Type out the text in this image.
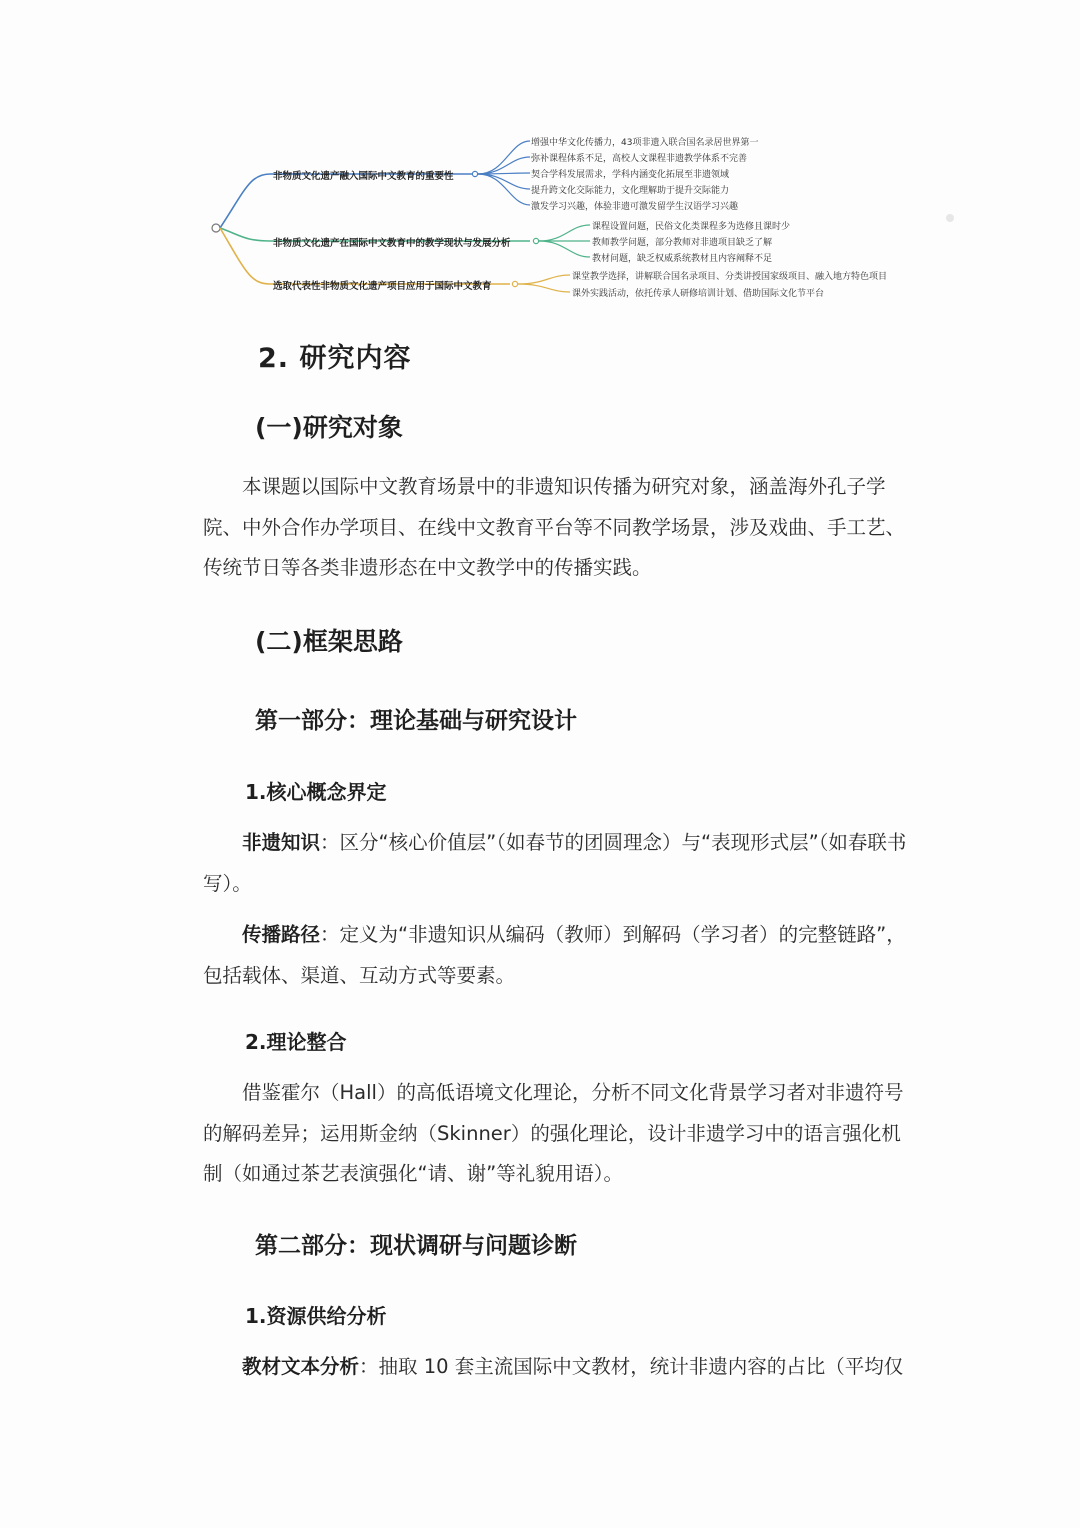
非物质文化遗产融入国际中文教育的重要性
增强中华文化传播力，43项非遗入联合国名录居世界第一
弥补课程体系不足，高校人文课程非遗教学体系不完善
契合学科发展需求，学科内涵变化拓展至非遗领域
提升跨文化交际能力，文化理解助于提升交际能力
激发学习兴趣，体验非遗可激发留学生汉语学习兴趣
非物质文化遗产在国际中文教育中的教学现状与发展分析
课程设置问题，民俗文化类课程多为选修且课时少
教师教学问题，部分教师对非遗项目缺乏了解
教材问题，缺乏权威系统教材且内容阐释不足
选取代表性非物质文化遗产项目应用于国际中文教育
课堂教学选择，讲解联合国名录项目、分类讲授国家级项目、融入地方特色项目
课外实践活动，依托传承人研修培训计划、借助国际文化节平台
2. 研究内容
(一)研究对象

本课题以国际中文教育场景中的非遗知识传播为研究对象，涵盖海外孔子学院、中外合作办学项目、在线中文教育平台等不同教学场景，涉及戏曲、手工艺、传统节日等各类非遗形态在中文教学中的传播实践。

(二)框架思路
第一部分：理论基础与研究设计
1.核心概念界定

非遗知识：区分“核心价值层”（如春节的团圆理念）与“表现形式层”（如春联书写）。

传播路径：定义为“非遗知识从编码（教师）到解码（学习者）的完整链路”，包括载体、渠道、互动方式等要素。

2.理论整合

借鉴霍尔（Hall）的高低语境文化理论，分析不同文化背景学习者对非遗符号的解码差异；运用斯金纳（Skinner）的强化理论，设计非遗学习中的语言强化机制（如通过茶艺表演强化“请、谢”等礼貌用语）。

第二部分：现状调研与问题诊断
1.资源供给分析

教材文本分析：抽取 10 套主流国际中文教材，统计非遗内容的占比（平均仅
